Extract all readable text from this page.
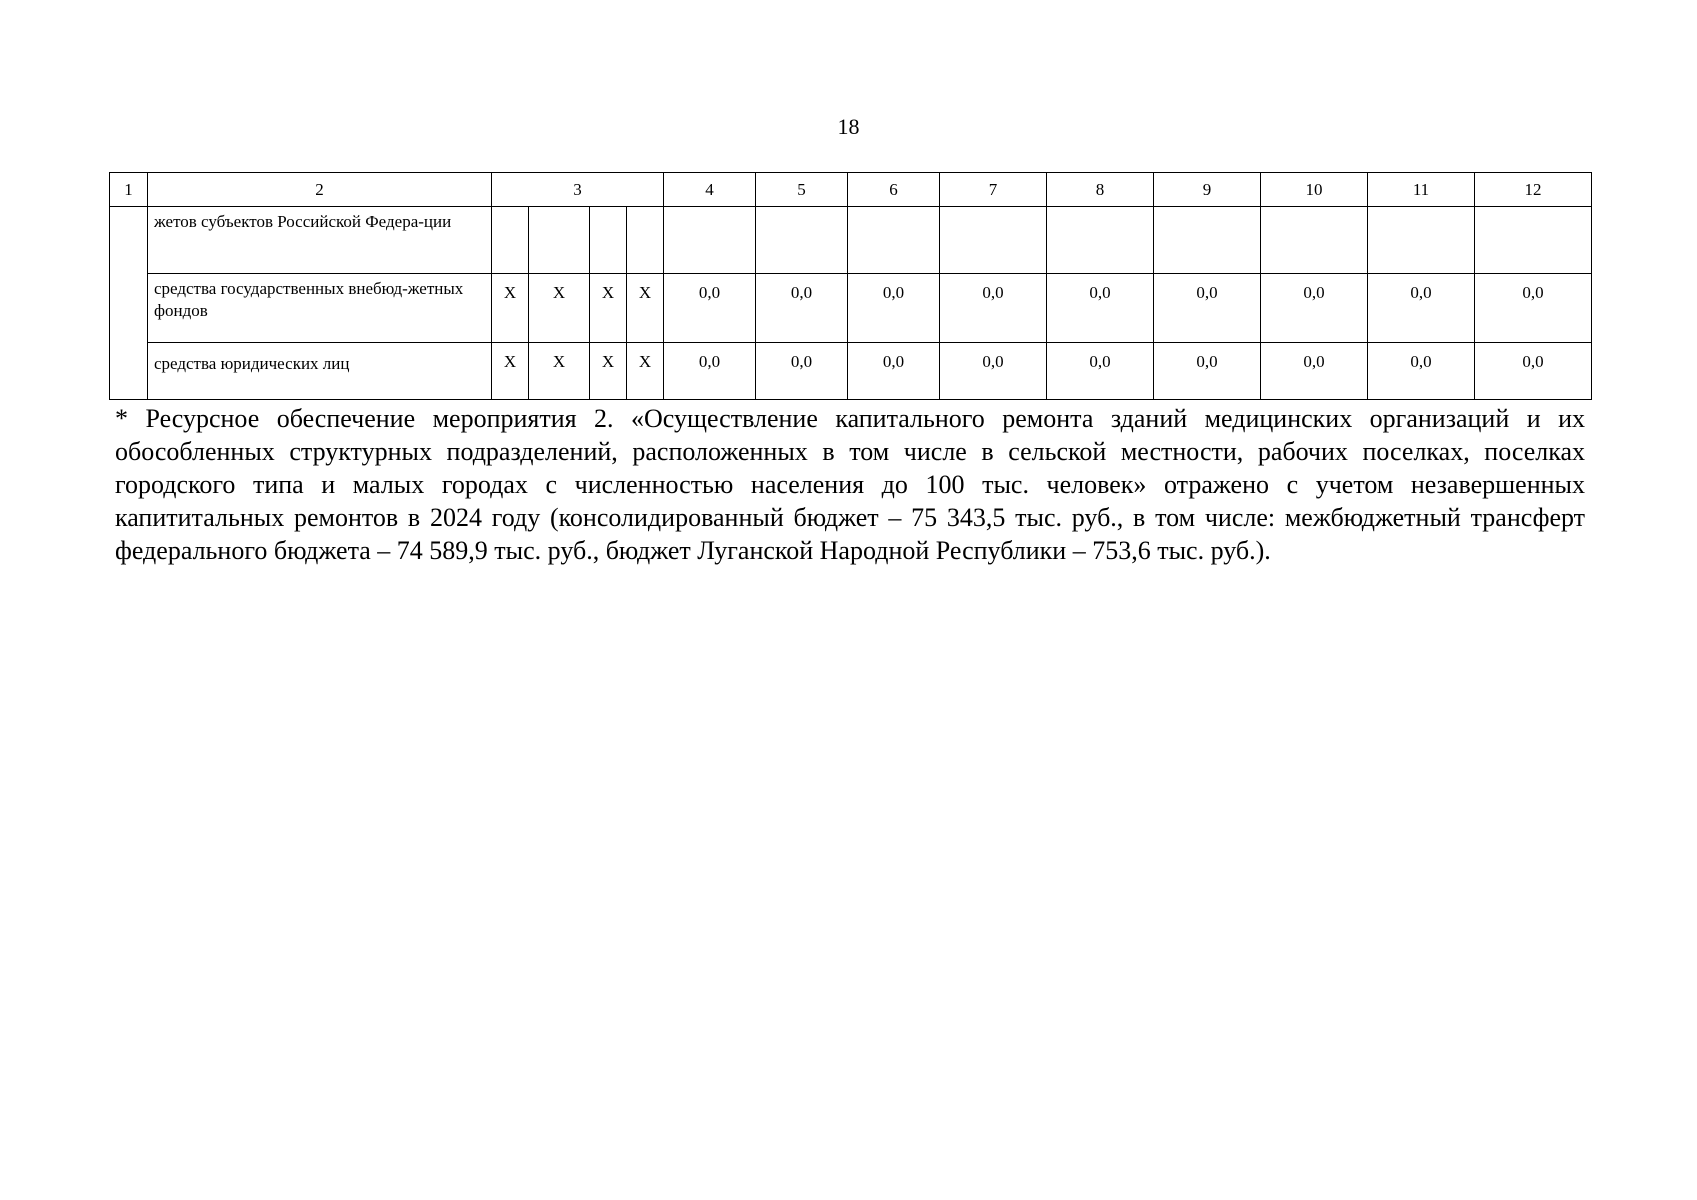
18
1	2	3				4	5	6	7	8	9	10	11	12
	жетов субъектов Российской Федера-ции													
	средства государственных внебюд-жетных фондов	Х	Х	Х	Х	0,0	0,0	0,0	0,0	0,0	0,0	0,0	0,0	0,0
	средства юридических лиц	Х	Х	Х	Х	0,0	0,0	0,0	0,0	0,0	0,0	0,0	0,0	0,0

* Ресурсное обеспечение мероприятия 2. «Осуществление капитального ремонта зданий медицинских организаций и их обособленных структурных подразделений, расположенных в том числе в сельской местности, рабочих поселках, поселках городского типа и малых городах с численностью населения до 100 тыс. человек» отражено с учетом незавершенных капититальных ремонтов в 2024 году (консолидированный бюджет – 75 343,5 тыс. руб., в том числе: межбюджетный трансферт федерального бюджета – 74 589,9 тыс. руб., бюджет Луганской Народной Республики – 753,6 тыс. руб.).
